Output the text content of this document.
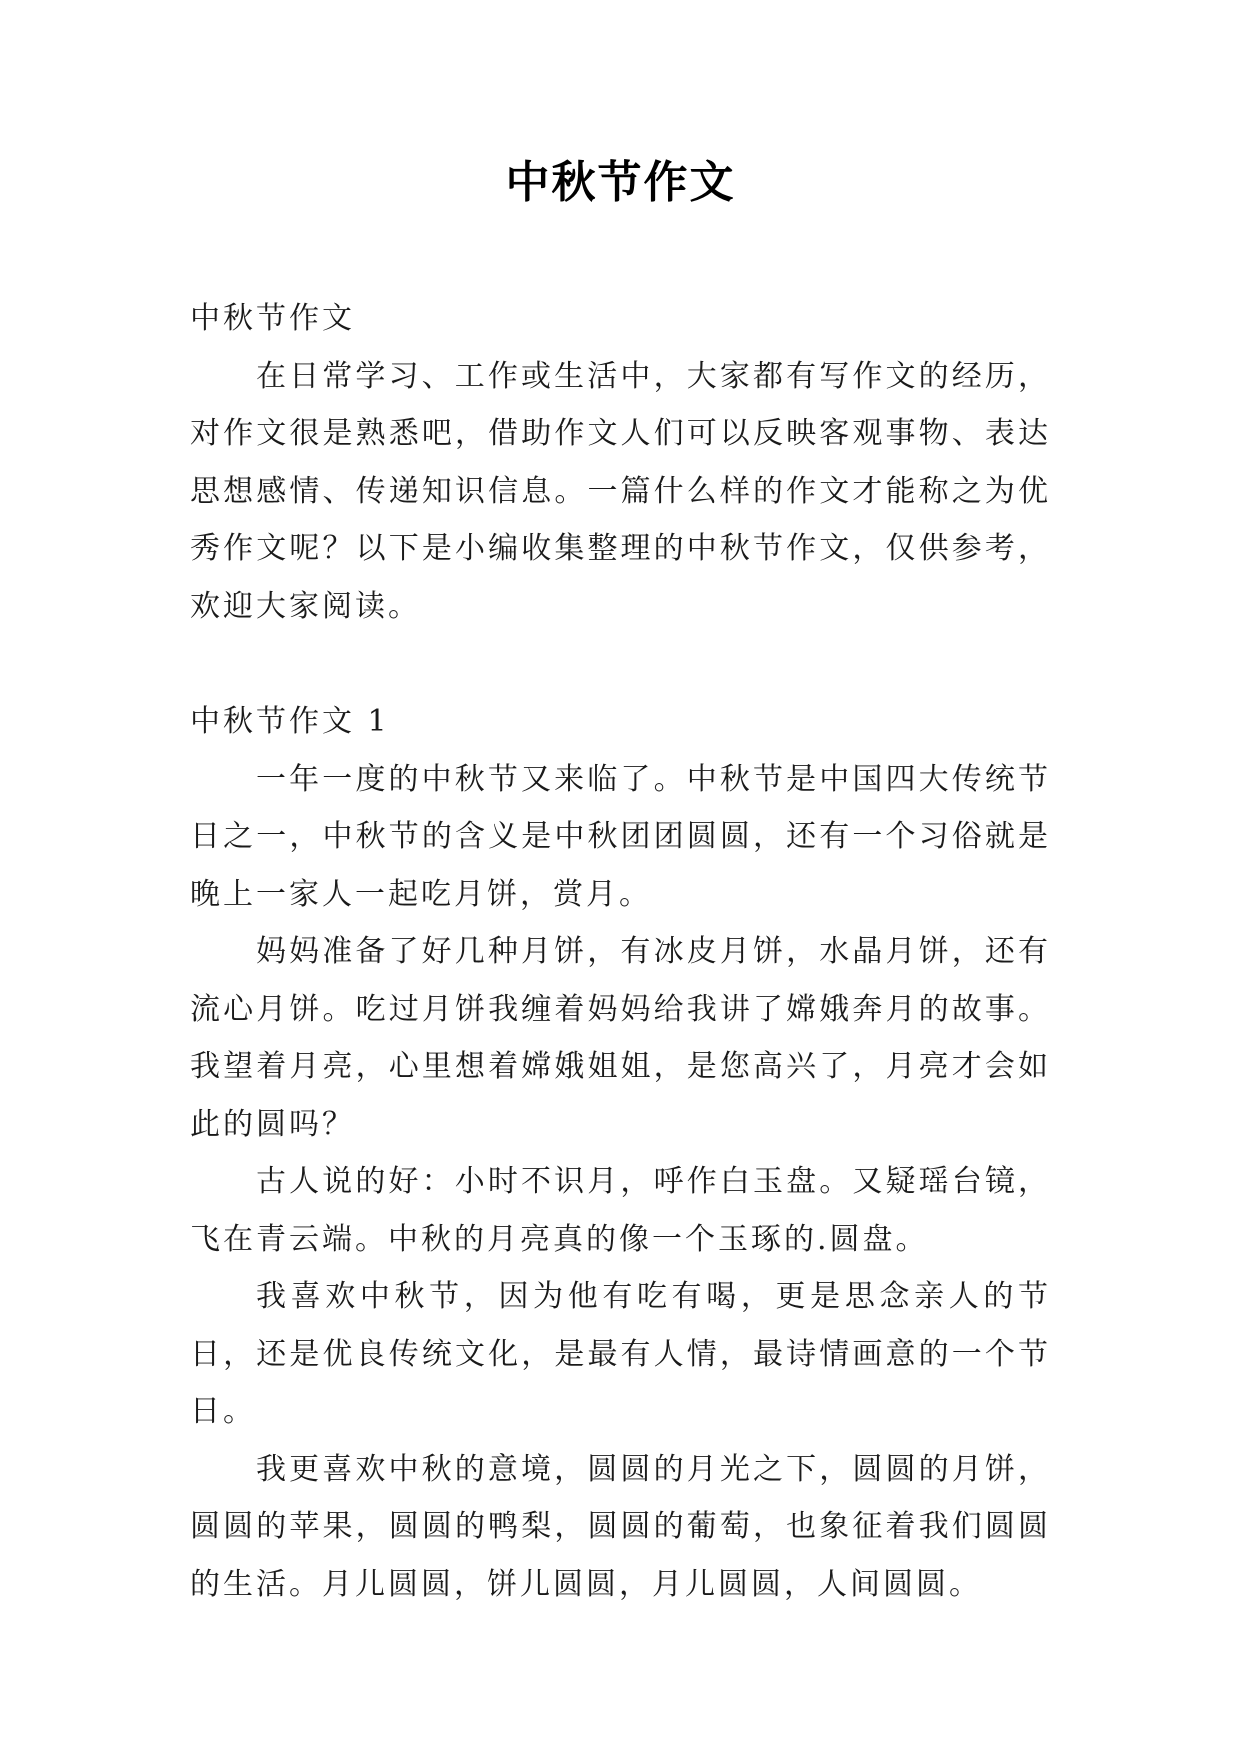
中秋节作文

中秋节作文

在日常学习、工作或生活中，大家都有写作文的经历，对作文很是熟悉吧，借助作文人们可以反映客观事物、表达思想感情、传递知识信息。一篇什么样的作文才能称之为优秀作文呢？以下是小编收集整理的中秋节作文，仅供参考，欢迎大家阅读。

中秋节作文 1

一年一度的中秋节又来临了。中秋节是中国四大传统节日之一，中秋节的含义是中秋团团圆圆，还有一个习俗就是晚上一家人一起吃月饼，赏月。

妈妈准备了好几种月饼，有冰皮月饼，水晶月饼，还有流心月饼。吃过月饼我缠着妈妈给我讲了嫦娥奔月的故事。我望着月亮，心里想着嫦娥姐姐，是您高兴了，月亮才会如此的圆吗？

古人说的好：小时不识月，呼作白玉盘。又疑瑶台镜，飞在青云端。中秋的月亮真的像一个玉琢的.圆盘。

我喜欢中秋节，因为他有吃有喝，更是思念亲人的节日，还是优良传统文化，是最有人情，最诗情画意的一个节日。

我更喜欢中秋的意境，圆圆的月光之下，圆圆的月饼，圆圆的苹果，圆圆的鸭梨，圆圆的葡萄，也象征着我们圆圆的生活。月儿圆圆，饼儿圆圆，月儿圆圆，人间圆圆。
